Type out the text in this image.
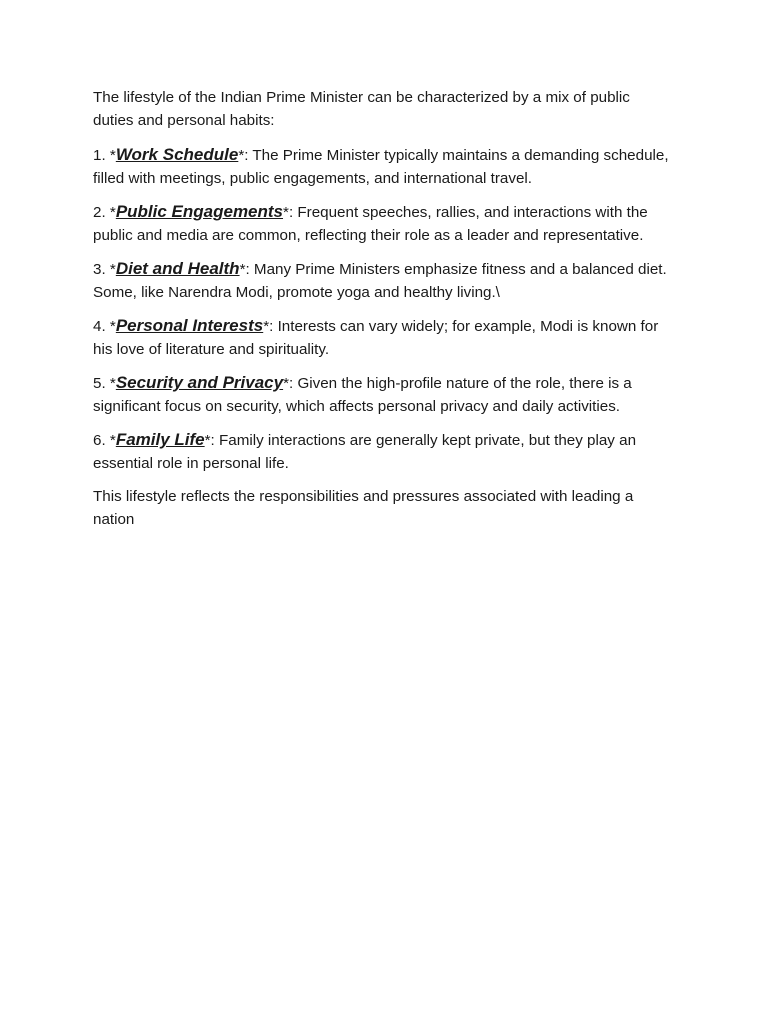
The lifestyle of the Indian Prime Minister can be characterized by a mix of public duties and personal habits:

1. *Work Schedule*: The Prime Minister typically maintains a demanding schedule, filled with meetings, public engagements, and international travel.

2. *Public Engagements*: Frequent speeches, rallies, and interactions with the public and media are common, reflecting their role as a leader and representative.

3. *Diet and Health*: Many Prime Ministers emphasize fitness and a balanced diet. Some, like Narendra Modi, promote yoga and healthy living.\

4. *Personal Interests*: Interests can vary widely; for example, Modi is known for his love of literature and spirituality.

5. *Security and Privacy*: Given the high-profile nature of the role, there is a significant focus on security, which affects personal privacy and daily activities.

6. *Family Life*: Family interactions are generally kept private, but they play an essential role in personal life.

This lifestyle reflects the responsibilities and pressures associated with leading a nation
